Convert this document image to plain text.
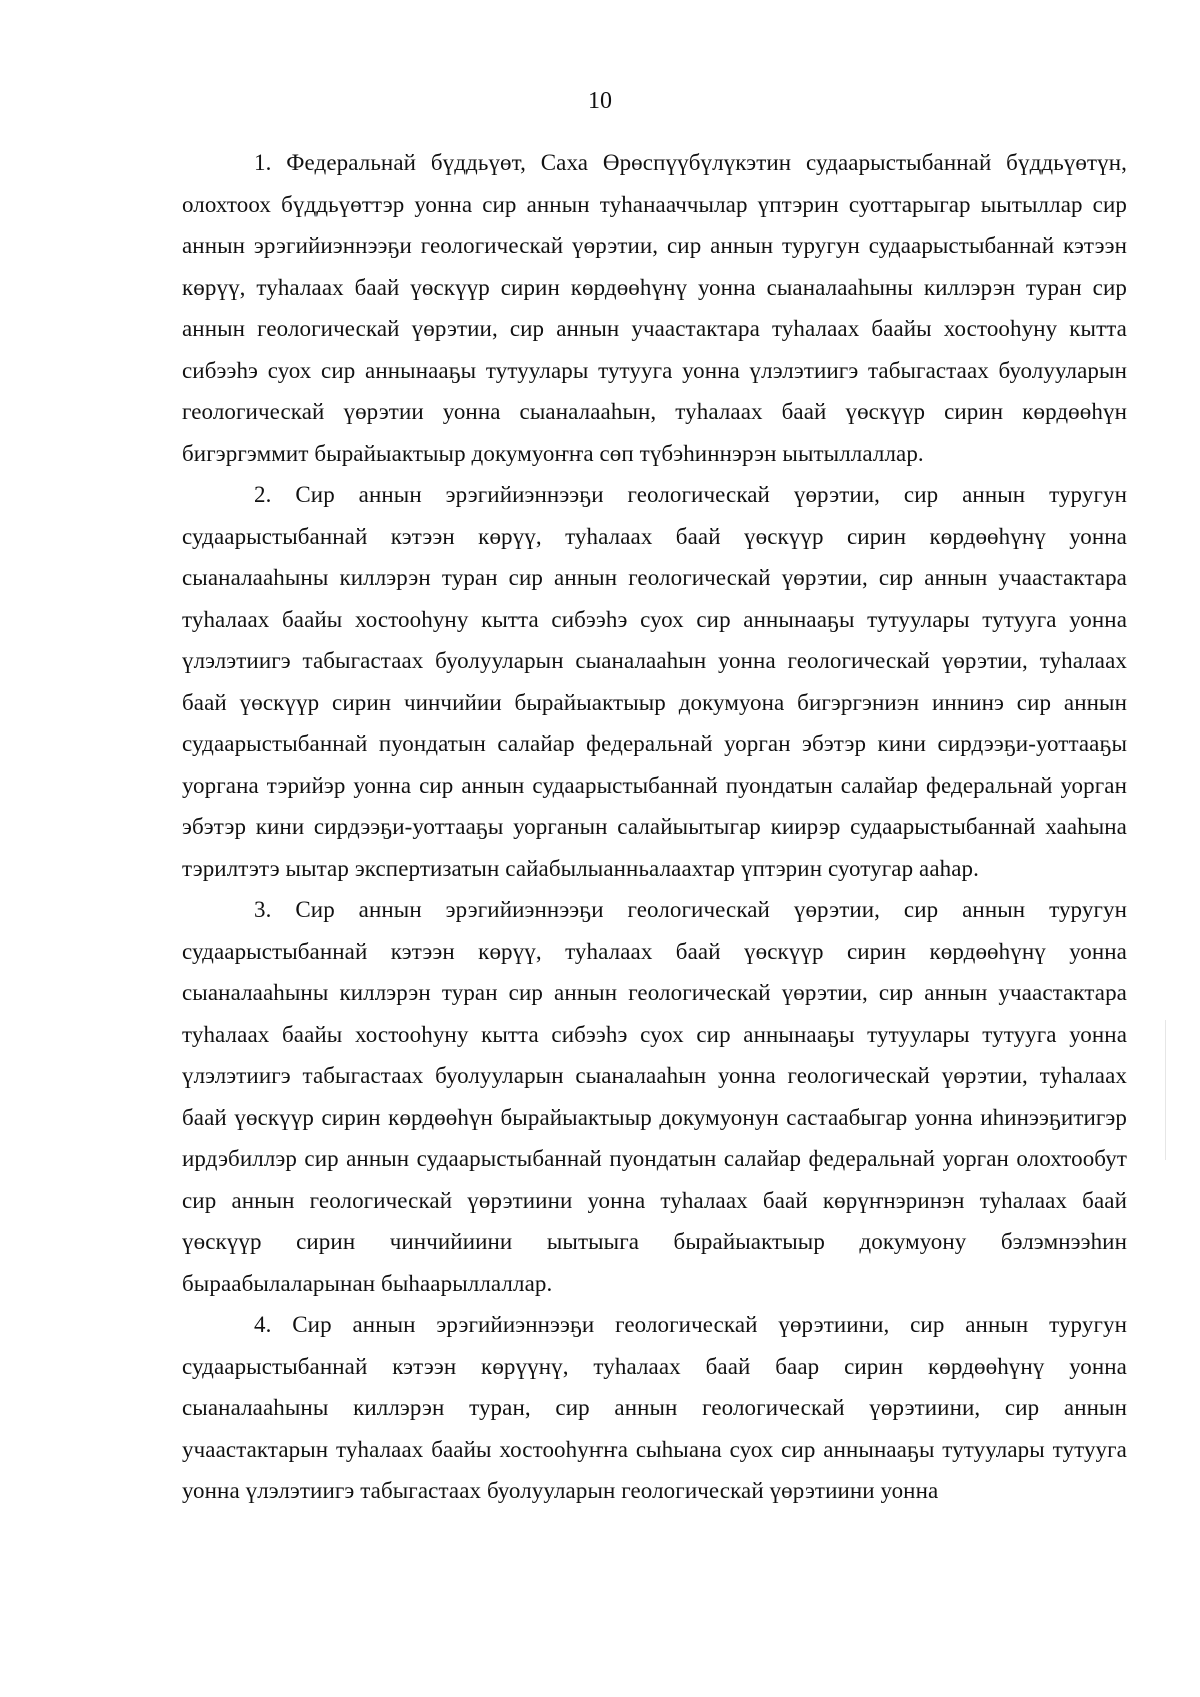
10

1. Федеральнай бүддьүөт, Саха Өрөспүүбүлүкэтин судаарыстыбаннай бүддьүөтүн, олохтоох бүддьүөттэр уонна сир аннын туһанааччылар үптэрин суоттарыгар ыытыллар сир аннын эрэгийиэннээҕи геологическай үөрэтии, сир аннын туругун судаарыстыбаннай кэтээн көрүү, туһалаах баай үөскүүр сирин көрдөөһүнү уонна сыаналааһыны киллэрэн туран сир аннын геологическай үөрэтии, сир аннын учаастактара туһалаах баайы хостооһуну кытта сибээһэ суох сир аннынааҕы тутуулары тутууга уонна үлэлэтиигэ табыгастаах буолууларын геологическай үөрэтии уонна сыаналааһын, туһалаах баай үөскүүр сирин көрдөөһүн бигэргэммит бырайыактыыр докумуоҥҥа сөп түбэһиннэрэн ыытыллаллар.

2. Сир аннын эрэгийиэннээҕи геологическай үөрэтии, сир аннын туругун судаарыстыбаннай кэтээн көрүү, туһалаах баай үөскүүр сирин көрдөөһүнү уонна сыаналааһыны киллэрэн туран сир аннын геологическай үөрэтии, сир аннын учаастактара туһалаах баайы хостооһуну кытта сибээһэ суох сир аннынааҕы тутуулары тутууга уонна үлэлэтиигэ табыгастаах буолууларын сыаналааһын уонна геологическай үөрэтии, туһалаах баай үөскүүр сирин чинчийии бырайыактыыр докумуона бигэргэниэн иннинэ сир аннын судаарыстыбаннай пуондатын салайар федеральнай уорган эбэтэр кини сирдээҕи-уоттааҕы уоргана тэрийэр уонна сир аннын судаарыстыбаннай пуондатын салайар федеральнай уорган эбэтэр кини сирдээҕи-уоттааҕы уорганын салайыытыгар киирэр судаарыстыбаннай хааһына тэрилтэтэ ыытар экспертизатын сайабылыанньалаахтар үптэрин суотугар ааһар.

3. Сир аннын эрэгийиэннээҕи геологическай үөрэтии, сир аннын туругун судаарыстыбаннай кэтээн көрүү, туһалаах баай үөскүүр сирин көрдөөһүнү уонна сыаналааһыны киллэрэн туран сир аннын геологическай үөрэтии, сир аннын учаастактара туһалаах баайы хостооһуну кытта сибээһэ суох сир аннынааҕы тутуулары тутууга уонна үлэлэтиигэ табыгастаах буолууларын сыаналааһын уонна геологическай үөрэтии, туһалаах баай үөскүүр сирин көрдөөһүн бырайыактыыр докумуонун састаабыгар уонна иһинээҕитигэр ирдэбиллэр сир аннын судаарыстыбаннай пуондатын салайар федеральнай уорган олохтообут сир аннын геологическай үөрэтиини уонна туһалаах баай көрүҥнэринэн туһалаах баай үөскүүр сирин чинчийиини ыытыыга бырайыактыыр докумуону бэлэмнээһин быраабылаларынан быһаарыллаллар.

4. Сир аннын эрэгийиэннээҕи геологическай үөрэтиини, сир аннын туругун судаарыстыбаннай кэтээн көрүүнү, туһалаах баай баар сирин көрдөөһүнү уонна сыаналааһыны киллэрэн туран, сир аннын геологическай үөрэтиини, сир аннын учаастактарын туһалаах баайы хостооһуҥҥа сыһыана суох сир аннынааҕы тутуулары тутууга уонна үлэлэтиигэ табыгастаах буолууларын геологическай үөрэтиини уонна
